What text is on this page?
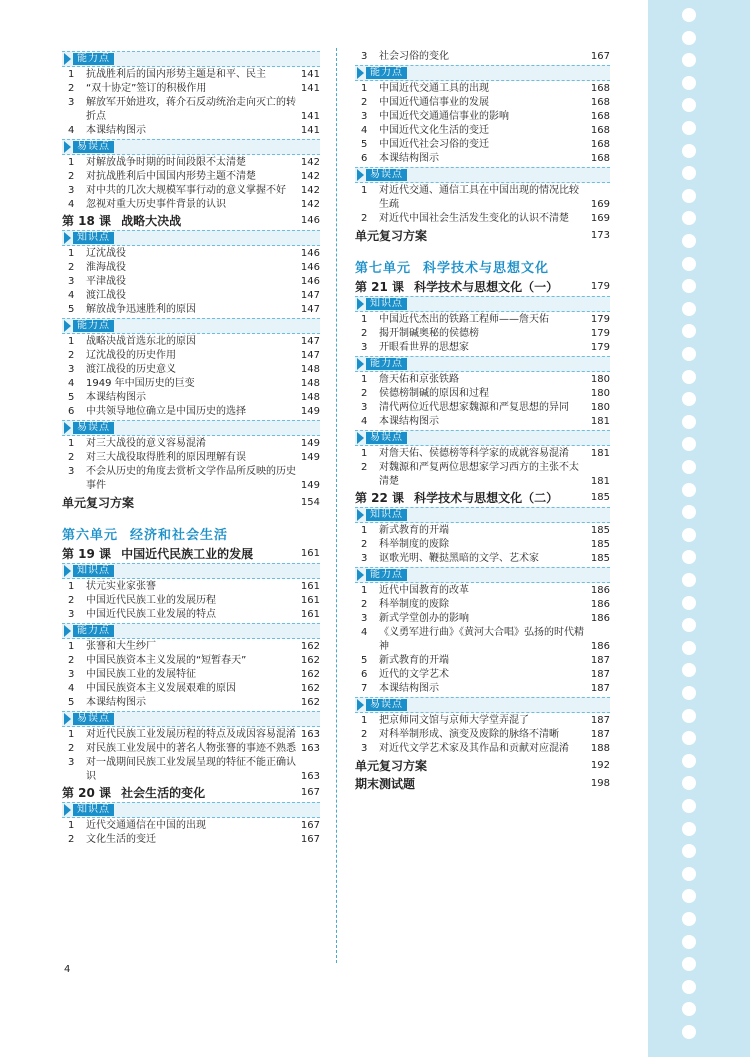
能力点
1	抗战胜利后的国内形势主题是和平、民主	141
2	“双十协定”签订的积极作用	141
3	解放军开始进攻，蒋介石反动统治走向灭亡的转折点	141
4	本课结构图示	141
易误点
1	对解放战争时期的时间段限不太清楚	142
2	对抗战胜利后中国国内形势主题不清楚	142
3	对中共的几次大规模军事行动的意义掌握不好	142
4	忽视对重大历史事件背景的认识	142
第 18 课 战略大决战	146
知识点
1	辽沈战役	146
2	淮海战役	146
3	平津战役	146
4	渡江战役	147
5	解放战争迅速胜利的原因	147
能力点
1	战略决战首选东北的原因	147
2	辽沈战役的历史作用	147
3	渡江战役的历史意义	148
4	1949 年中国历史的巨变	148
5	本课结构图示	148
6	中共领导地位确立是中国历史的选择	149
易误点
1	对三大战役的意义容易混淆	149
2	对三大战役取得胜利的原因理解有误	149
3	不会从历史的角度去赏析文学作品所反映的历史事件	149
单元复习方案	154
第六单元 经济和社会生活
第 19 课 中国近代民族工业的发展	161
知识点
1	状元实业家张謇	161
2	中国近代民族工业的发展历程	161
3	中国近代民族工业发展的特点	161
能力点
1	张謇和大生纱厂	162
2	中国民族资本主义发展的“短暂春天”	162
3	中国民族工业的发展特征	162
4	中国民族资本主义发展艰难的原因	162
5	本课结构图示	162
易误点
1	对近代民族工业发展历程的特点及成因容易混淆 163
2	对民族工业发展中的著名人物张謇的事迹不熟悉 163
3	对一战期间民族工业发展呈现的特征不能正确认识	163
第 20 课 社会生活的变化	167
知识点
1	近代交通通信在中国的出现	167
2	文化生活的变迁	167
3	社会习俗的变化	167
能力点
1	中国近代交通工具的出现	168
2	中国近代通信事业的发展	168
3	中国近代交通通信事业的影响	168
4	中国近代文化生活的变迁	168
5	中国近代社会习俗的变迁	168
6	本课结构图示	168
易误点
1	对近代交通、通信工具在中国出现的情况比较生疏	169
2	对近代中国社会生活发生变化的认识不清楚	169
单元复习方案	173
第七单元 科学技术与思想文化
第 21 课 科学技术与思想文化（一）	179
知识点
1	中国近代杰出的铁路工程师——詹天佑	179
2	揭开制碱奥秘的侯德榜	179
3	开眼看世界的思想家	179
能力点
1	詹天佑和京张铁路	180
2	侯德榜制碱的原因和过程	180
3	清代两位近代思想家魏源和严复思想的异同	180
4	本课结构图示	181
易误点
1	对詹天佑、侯德榜等科学家的成就容易混淆	181
2	对魏源和严复两位思想家学习西方的主张不太清楚	181
第 22 课 科学技术与思想文化（二）	185
知识点
1	新式教育的开端	185
2	科举制度的废除	185
3	讴歌光明、鞭挞黑暗的文学、艺术家	185
能力点
1	近代中国教育的改革	186
2	科举制度的废除	186
3	新式学堂创办的影响	186
4	《义勇军进行曲》《黄河大合唱》弘扬的时代精神	186
5	新式教育的开端	187
6	近代的文学艺术	187
7	本课结构图示	187
易误点
1	把京师同文馆与京师大学堂弄混了	187
2	对科举制形成、演变及废除的脉络不清晰	187
3	对近代文学艺术家及其作品和贡献对应混淆	188
单元复习方案	192
期末测试题	198
4
